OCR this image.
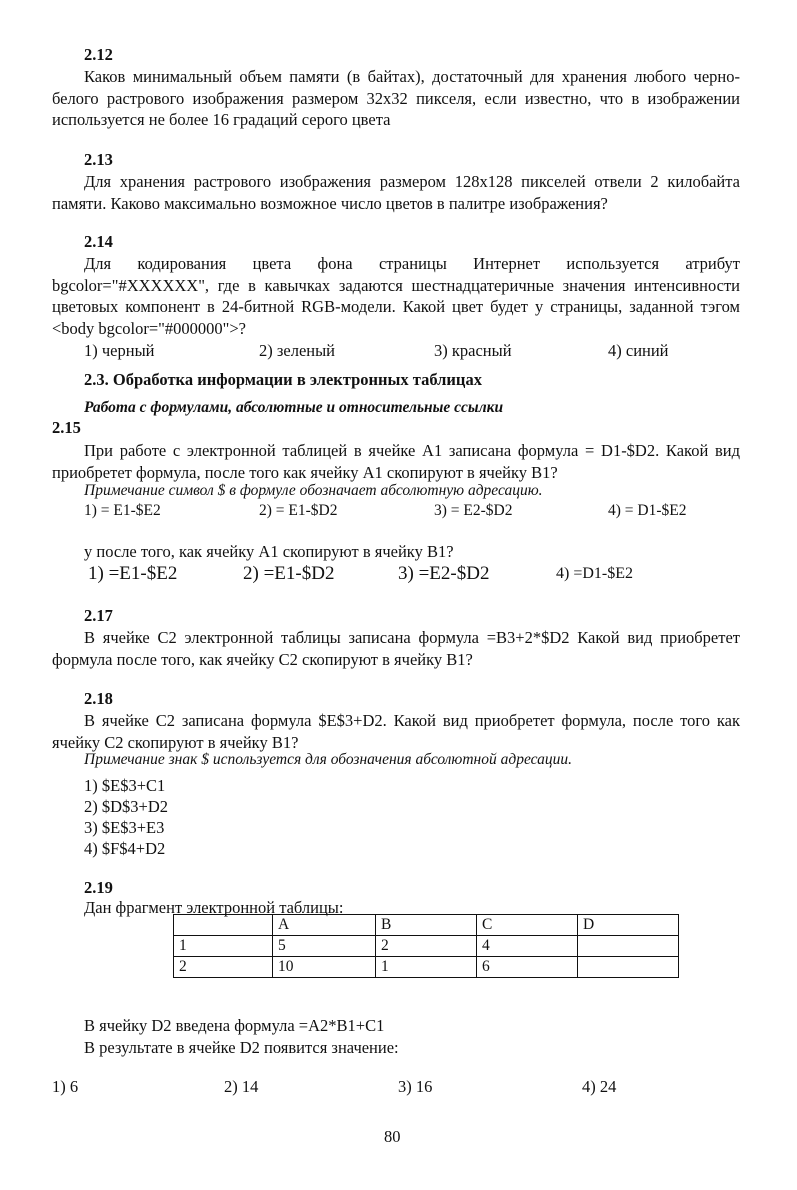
2.12
Каков минимальный объем памяти (в байтах), достаточный для хранения любого черно-белого растрового изображения размером 32х32 пикселя, если известно, что в изображении используется не более 16 градаций серого цвета
2.13
Для хранения растрового изображения размером 128х128 пикселей отвели 2 килобайта памяти. Каково максимально возможное число цветов в палитре изображения?
2.14
Для кодирования цвета фона страницы Интернет используется атрибут bgcolor="#XXXXXX", где в кавычках задаются шестнадцатеричные значения интенсивности цветовых компонент в 24-битной RGB-модели. Какой цвет будет у страницы, заданной тэгом <body bgcolor="#000000">?
1) черный	2) зеленый	3) красный	4) синий
2.3. Обработка информации в электронных таблицах
Работа с формулами, абсолютные и относительные ссылки
2.15
При работе с электронной таблицей в ячейке А1 записана формула = D1-$D2. Какой вид приобретет формула, после того как ячейку А1 скопируют в ячейку В1?
Примечание символ $ в формуле обозначает абсолютную адресацию.
1) = Е1-$Е2	2) = Е1-$D2	3) = Е2-$D2	4) = D1-$Е2
у после того, как ячейку А1 скопируют в ячейку В1?
1) =Е1-$Е2	2) =Е1-$D2	3) =Е2-$D2	4) =D1-$Е2
2.17
В ячейке С2 электронной таблицы записана формула =В3+2*$D2 Какой вид приобретет формула после того, как ячейку С2 скопируют в ячейку В1?
2.18
В ячейке С2 записана формула $Е$3+D2. Какой вид приобретет формула, после того как ячейку С2 скопируют в ячейку В1?
Примечание знак $ используется для обозначения абсолютной адресации.
1) $Е$3+С1
2) $D$3+D2
3) $Е$3+Е3
4) $F$4+D2
2.19
Дан фрагмент электронной таблицы:
	A	B	C	D
1	5	2	4	
2	10	1	6	
В ячейку D2 введена формула =А2*В1+С1
В результате в ячейке D2 появится значение:
1) 6	2) 14	3) 16	4) 24
80
